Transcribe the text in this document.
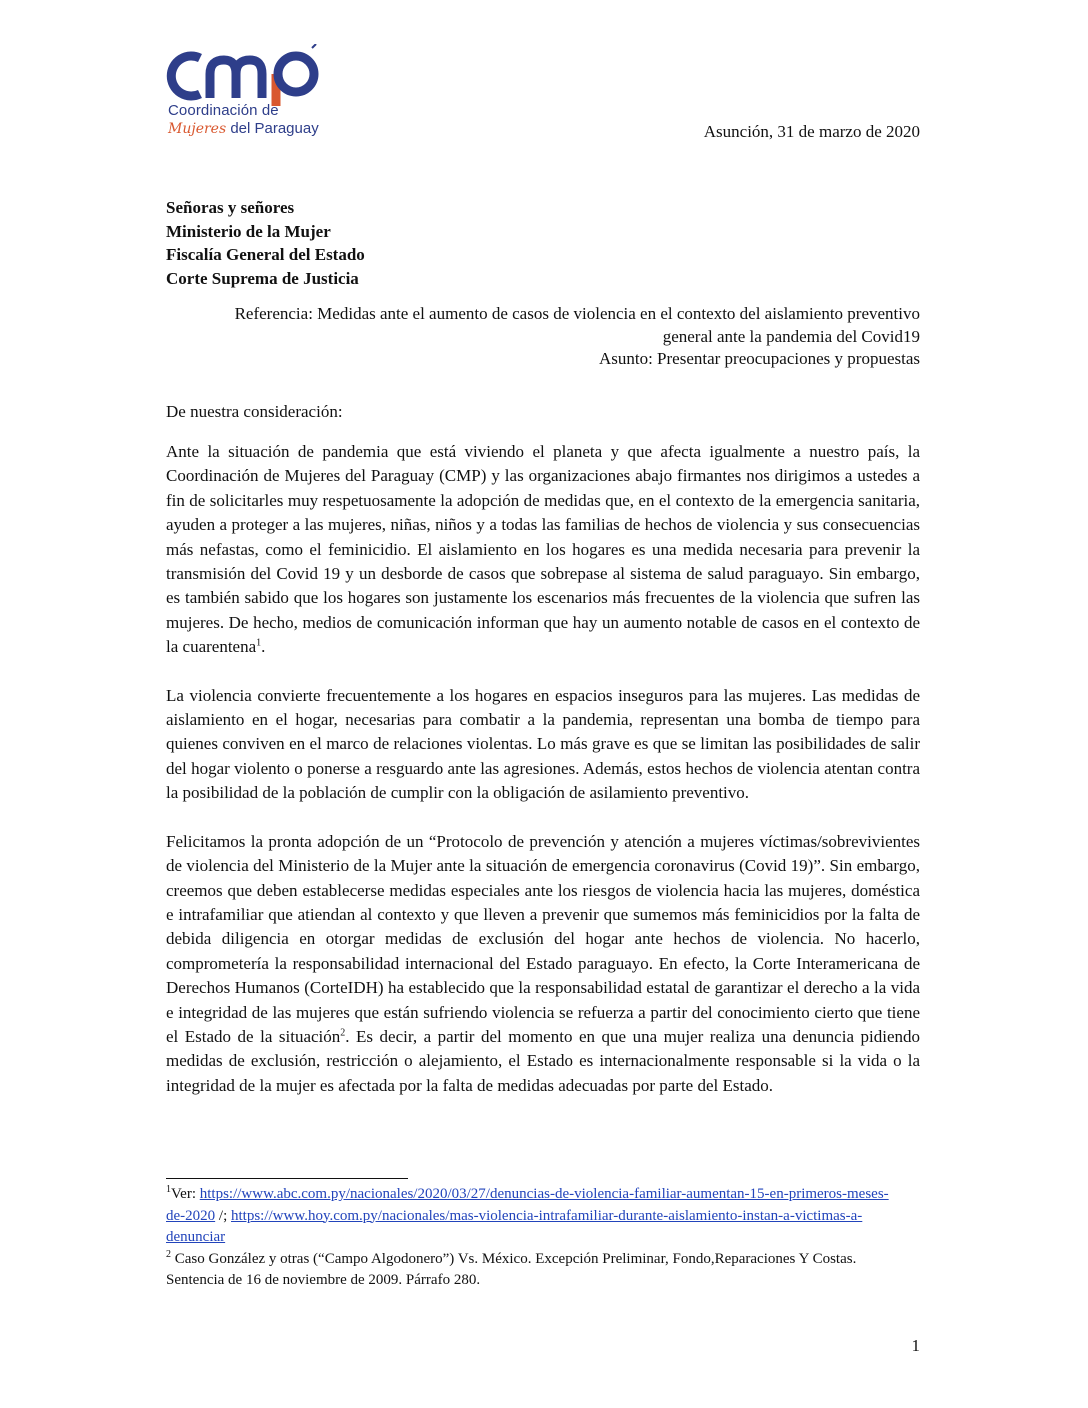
Coordinación de
Mujeres del Paraguay	Asunción, 31 de marzo de 2020
Señoras y señores
Ministerio de la Mujer
Fiscalía General del Estado
Corte Suprema de Justicia
Referencia: Medidas ante el aumento de casos de violencia en el contexto del aislamiento preventivo
general ante la pandemia del Covid19
Asunto: Presentar preocupaciones y propuestas
De nuestra consideración:

Ante la situación de pandemia que está viviendo el planeta y que afecta igualmente a nuestro país, la Coordinación de Mujeres del Paraguay (CMP) y las organizaciones abajo firmantes nos dirigimos a ustedes a fin de solicitarles muy respetuosamente la adopción de medidas que, en el contexto de la emergencia sanitaria, ayuden a proteger a las mujeres, niñas, niños y a todas las familias de hechos de violencia y sus consecuencias más nefastas, como el feminicidio. El aislamiento en los hogares es una medida necesaria para prevenir la transmisión del Covid 19 y un desborde de casos que sobrepase al sistema de salud paraguayo. Sin embargo, es también sabido que los hogares son justamente los escenarios más frecuentes de la violencia que sufren las mujeres. De hecho, medios de comunicación informan que hay un aumento notable de casos en el contexto de la cuarentena$^1$.

La violencia convierte frecuentemente a los hogares en espacios inseguros para las mujeres. Las medidas de aislamiento en el hogar, necesarias para combatir a la pandemia, representan una bomba de tiempo para quienes conviven en el marco de relaciones violentas. Lo más grave es que se limitan las posibilidades de salir del hogar violento o ponerse a resguardo ante las agresiones. Además, estos hechos de violencia atentan contra la posibilidad de la población de cumplir con la obligación de asilamiento preventivo.

Felicitamos la pronta adopción de un “Protocolo de prevención y atención a mujeres víctimas/sobrevivientes de violencia del Ministerio de la Mujer ante la situación de emergencia coronavirus (Covid 19)”. Sin embargo, creemos que deben establecerse medidas especiales ante los riesgos de violencia hacia las mujeres, doméstica e intrafamiliar que atiendan al contexto y que lleven a prevenir que sumemos más feminicidios por la falta de debida diligencia en otorgar medidas de exclusión del hogar ante hechos de violencia. No hacerlo, comprometería la responsabilidad internacional del Estado paraguayo. En efecto, la Corte Interamericana de Derechos Humanos (CorteIDH) ha establecido que la responsabilidad estatal de garantizar el derecho a la vida e integridad de las mujeres que están sufriendo violencia se refuerza a partir del conocimiento cierto que tiene el Estado de la situación$^2$. Es decir, a partir del momento en que una mujer realiza una denuncia pidiendo medidas de exclusión, restricción o alejamiento, el Estado es internacionalmente responsable si la vida o la integridad de la mujer es afectada por la falta de medidas adecuadas por parte del Estado.

$^1$Ver: https://www.abc.com.py/nacionales/2020/03/27/denuncias-de-violencia-familiar-aumentan-15-en-primeros-meses-de-2020 /; https://www.hoy.com.py/nacionales/mas-violencia-intrafamiliar-durante-aislamiento-instan-a-victimas-a-denunciar
$^2$ Caso González y otras (“Campo Algodonero”) Vs. México. Excepción Preliminar, Fondo,Reparaciones Y Costas. Sentencia de 16 de noviembre de 2009. Párrafo 280.
1
